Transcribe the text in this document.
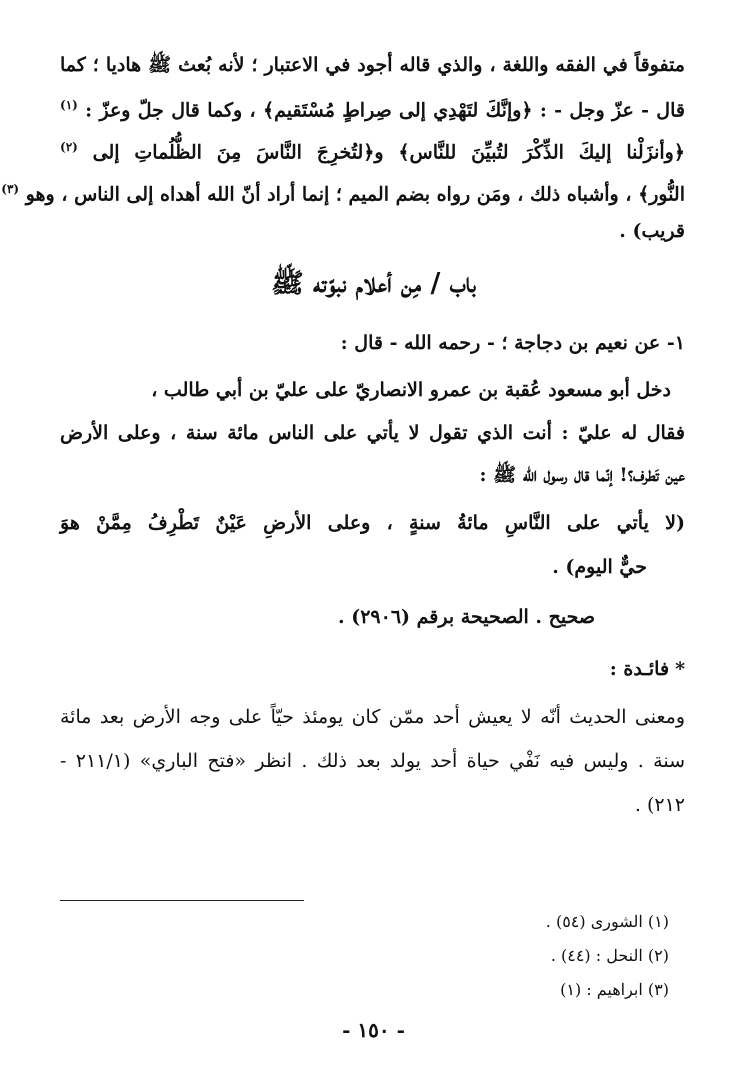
متفوقاً في الفقه واللغة ، والذي قاله أجود في الاعتبار ؛ لأنه بُعث ﷺ هاديا ؛ كما

قال - عزّ وجل - : ﴿وإنَّكَ لتَهْدِي إلى صِراطٍ مُسْتَقيم﴾ ، وكما قال جلّ وعزّ : $^{(١)}$

﴿وأنزَلْنا إليكَ الذِّكْرَ لتُبيِّنَ للنَّاس﴾ و﴿لتُخرِجَ النَّاسَ مِنَ الظُّلُماتِ إلى $^{(٢)}$

النُّور﴾ ، وأشباه ذلك ، ومَن رواه بضم الميم ؛ إنما أراد أنّ الله أهداه إلى الناس ، وهو $^{(٣)}$

قريب) .

باب / مِن أعلام نبوّته ﷺ

١- عن نعيم بن دجاجة ؛ - رحمه الله - قال :

دخل أبو مسعود عُقبة بن عمرو الانصاريّ على عليّ بن أبي طالب ،

فقال له عليّ : أنت الذي تقول لا يأتي على الناس مائة سنة ، وعلى الأرض

عين تَطرف؟! إنّما قال رسول الله ﷺ :

(لا يأتي على النَّاسِ مائةُ سنةٍ ، وعلى الأرضِ عَيْنٌ تَطْرِفُ مِمَّنْ هوَ

حيٌّ اليوم) .

صحيح . الصحيحة برقم (٢٩٠٦) .

*فائـدة :

ومعنى الحديث أنّه لا يعيش أحد ممّن كان يومئذ حيّاً على وجه الأرض بعد مائة

سنة . وليس فيه نَفْي حياة أحد يولد بعد ذلك . انظر «فتح الباري» (٢١١/١ -

٢١٢) .

(١) الشورى (٥٤) .

(٢) النحل : (٤٤) .

(٣) ابراهيم : (١)

- ١٥٠ -
